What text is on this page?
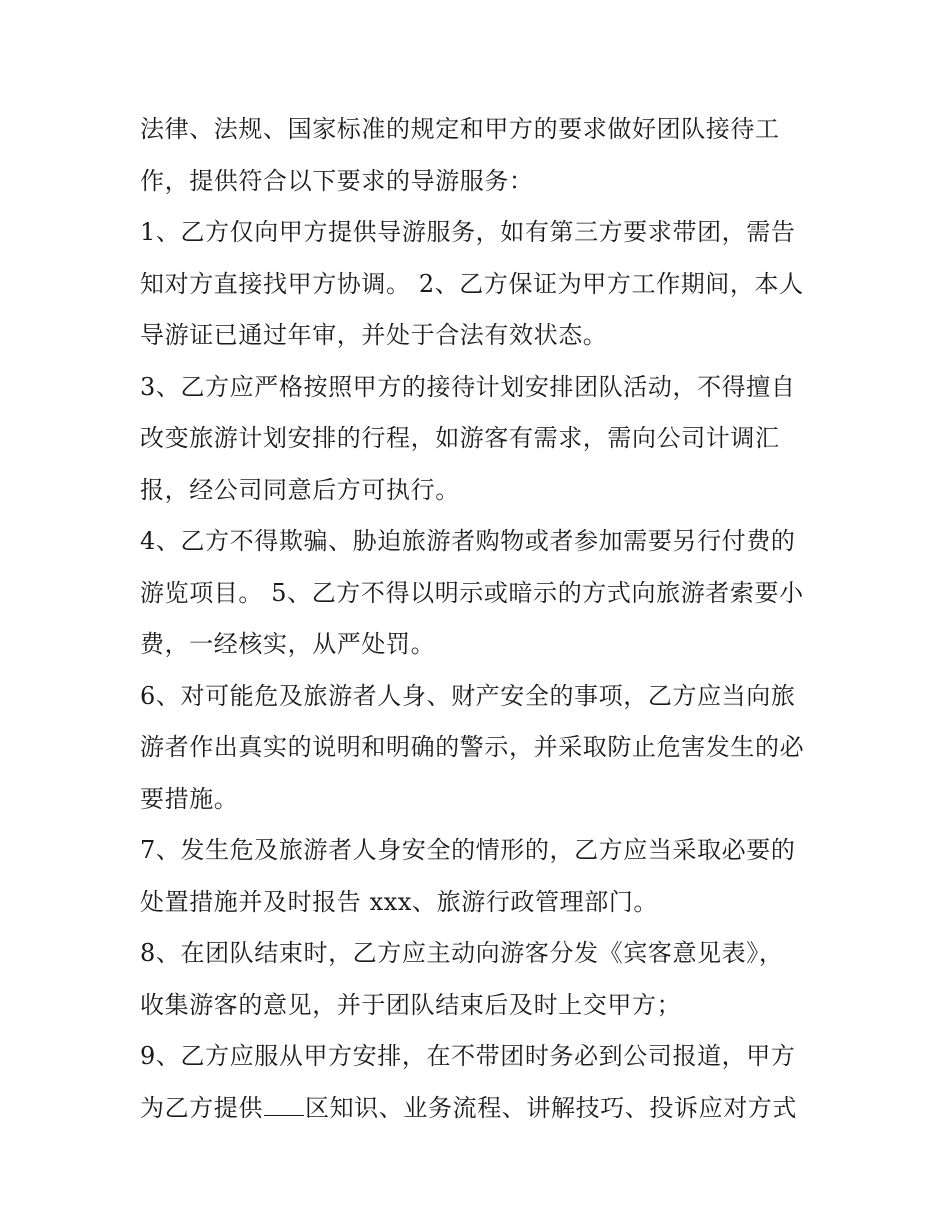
法律、法规、国家标准的规定和甲方的要求做好团队接待工
作，提供符合以下要求的导游服务：
1、乙方仅向甲方提供导游服务，如有第三方要求带团，需告
知对方直接找甲方协调。 2、乙方保证为甲方工作期间，本人
导游证已通过年审，并处于合法有效状态。
3、乙方应严格按照甲方的接待计划安排团队活动，不得擅自
改变旅游计划安排的行程，如游客有需求，需向公司计调汇
报，经公司同意后方可执行。
4、乙方不得欺骗、胁迫旅游者购物或者参加需要另行付费的
游览项目。 5、乙方不得以明示或暗示的方式向旅游者索要小
费，一经核实，从严处罚。
6、对可能危及旅游者人身、财产安全的事项，乙方应当向旅
游者作出真实的说明和明确的警示，并采取防止危害发生的必
要措施。
7、发生危及旅游者人身安全的情形的，乙方应当采取必要的
处置措施并及时报告 xxx、旅游行政管理部门。
8、在团队结束时，乙方应主动向游客分发《宾客意见表》，
收集游客的意见，并于团队结束后及时上交甲方；
9、乙方应服从甲方安排，在不带团时务必到公司报道，甲方
为乙方提供 区知识、业务流程、讲解技巧、投诉应对方式
